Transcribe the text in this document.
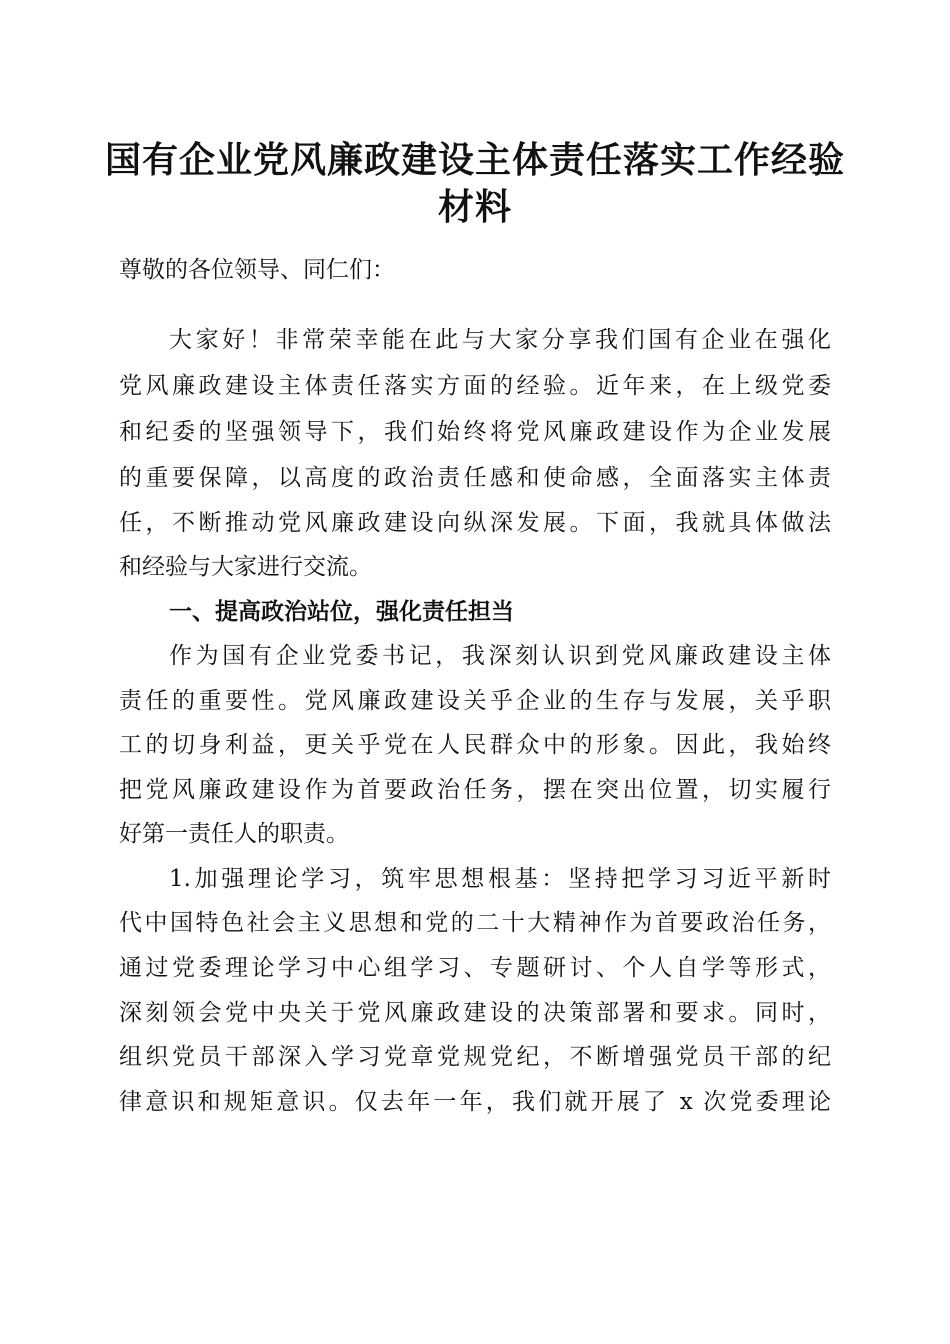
国有企业党风廉政建设主体责任落实工作经验
材料
尊敬的各位领导、同仁们：
大家好！非常荣幸能在此与大家分享我们国有企业在强化
党风廉政建设主体责任落实方面的经验。近年来，在上级党委
和纪委的坚强领导下，我们始终将党风廉政建设作为企业发展
的重要保障，以高度的政治责任感和使命感，全面落实主体责
任，不断推动党风廉政建设向纵深发展。下面，我就具体做法
和经验与大家进行交流。
一、提高政治站位，强化责任担当
作为国有企业党委书记，我深刻认识到党风廉政建设主体
责任的重要性。党风廉政建设关乎企业的生存与发展，关乎职
工的切身利益，更关乎党在人民群众中的形象。因此，我始终
把党风廉政建设作为首要政治任务，摆在突出位置，切实履行
好第一责任人的职责。
1.加强理论学习，筑牢思想根基：坚持把学习习近平新时
代中国特色社会主义思想和党的二十大精神作为首要政治任务，
通过党委理论学习中心组学习、专题研讨、个人自学等形式，
深刻领会党中央关于党风廉政建设的决策部署和要求。同时，
组织党员干部深入学习党章党规党纪，不断增强党员干部的纪
律意识和规矩意识。仅去年一年，我们就开展了 x 次党委理论
